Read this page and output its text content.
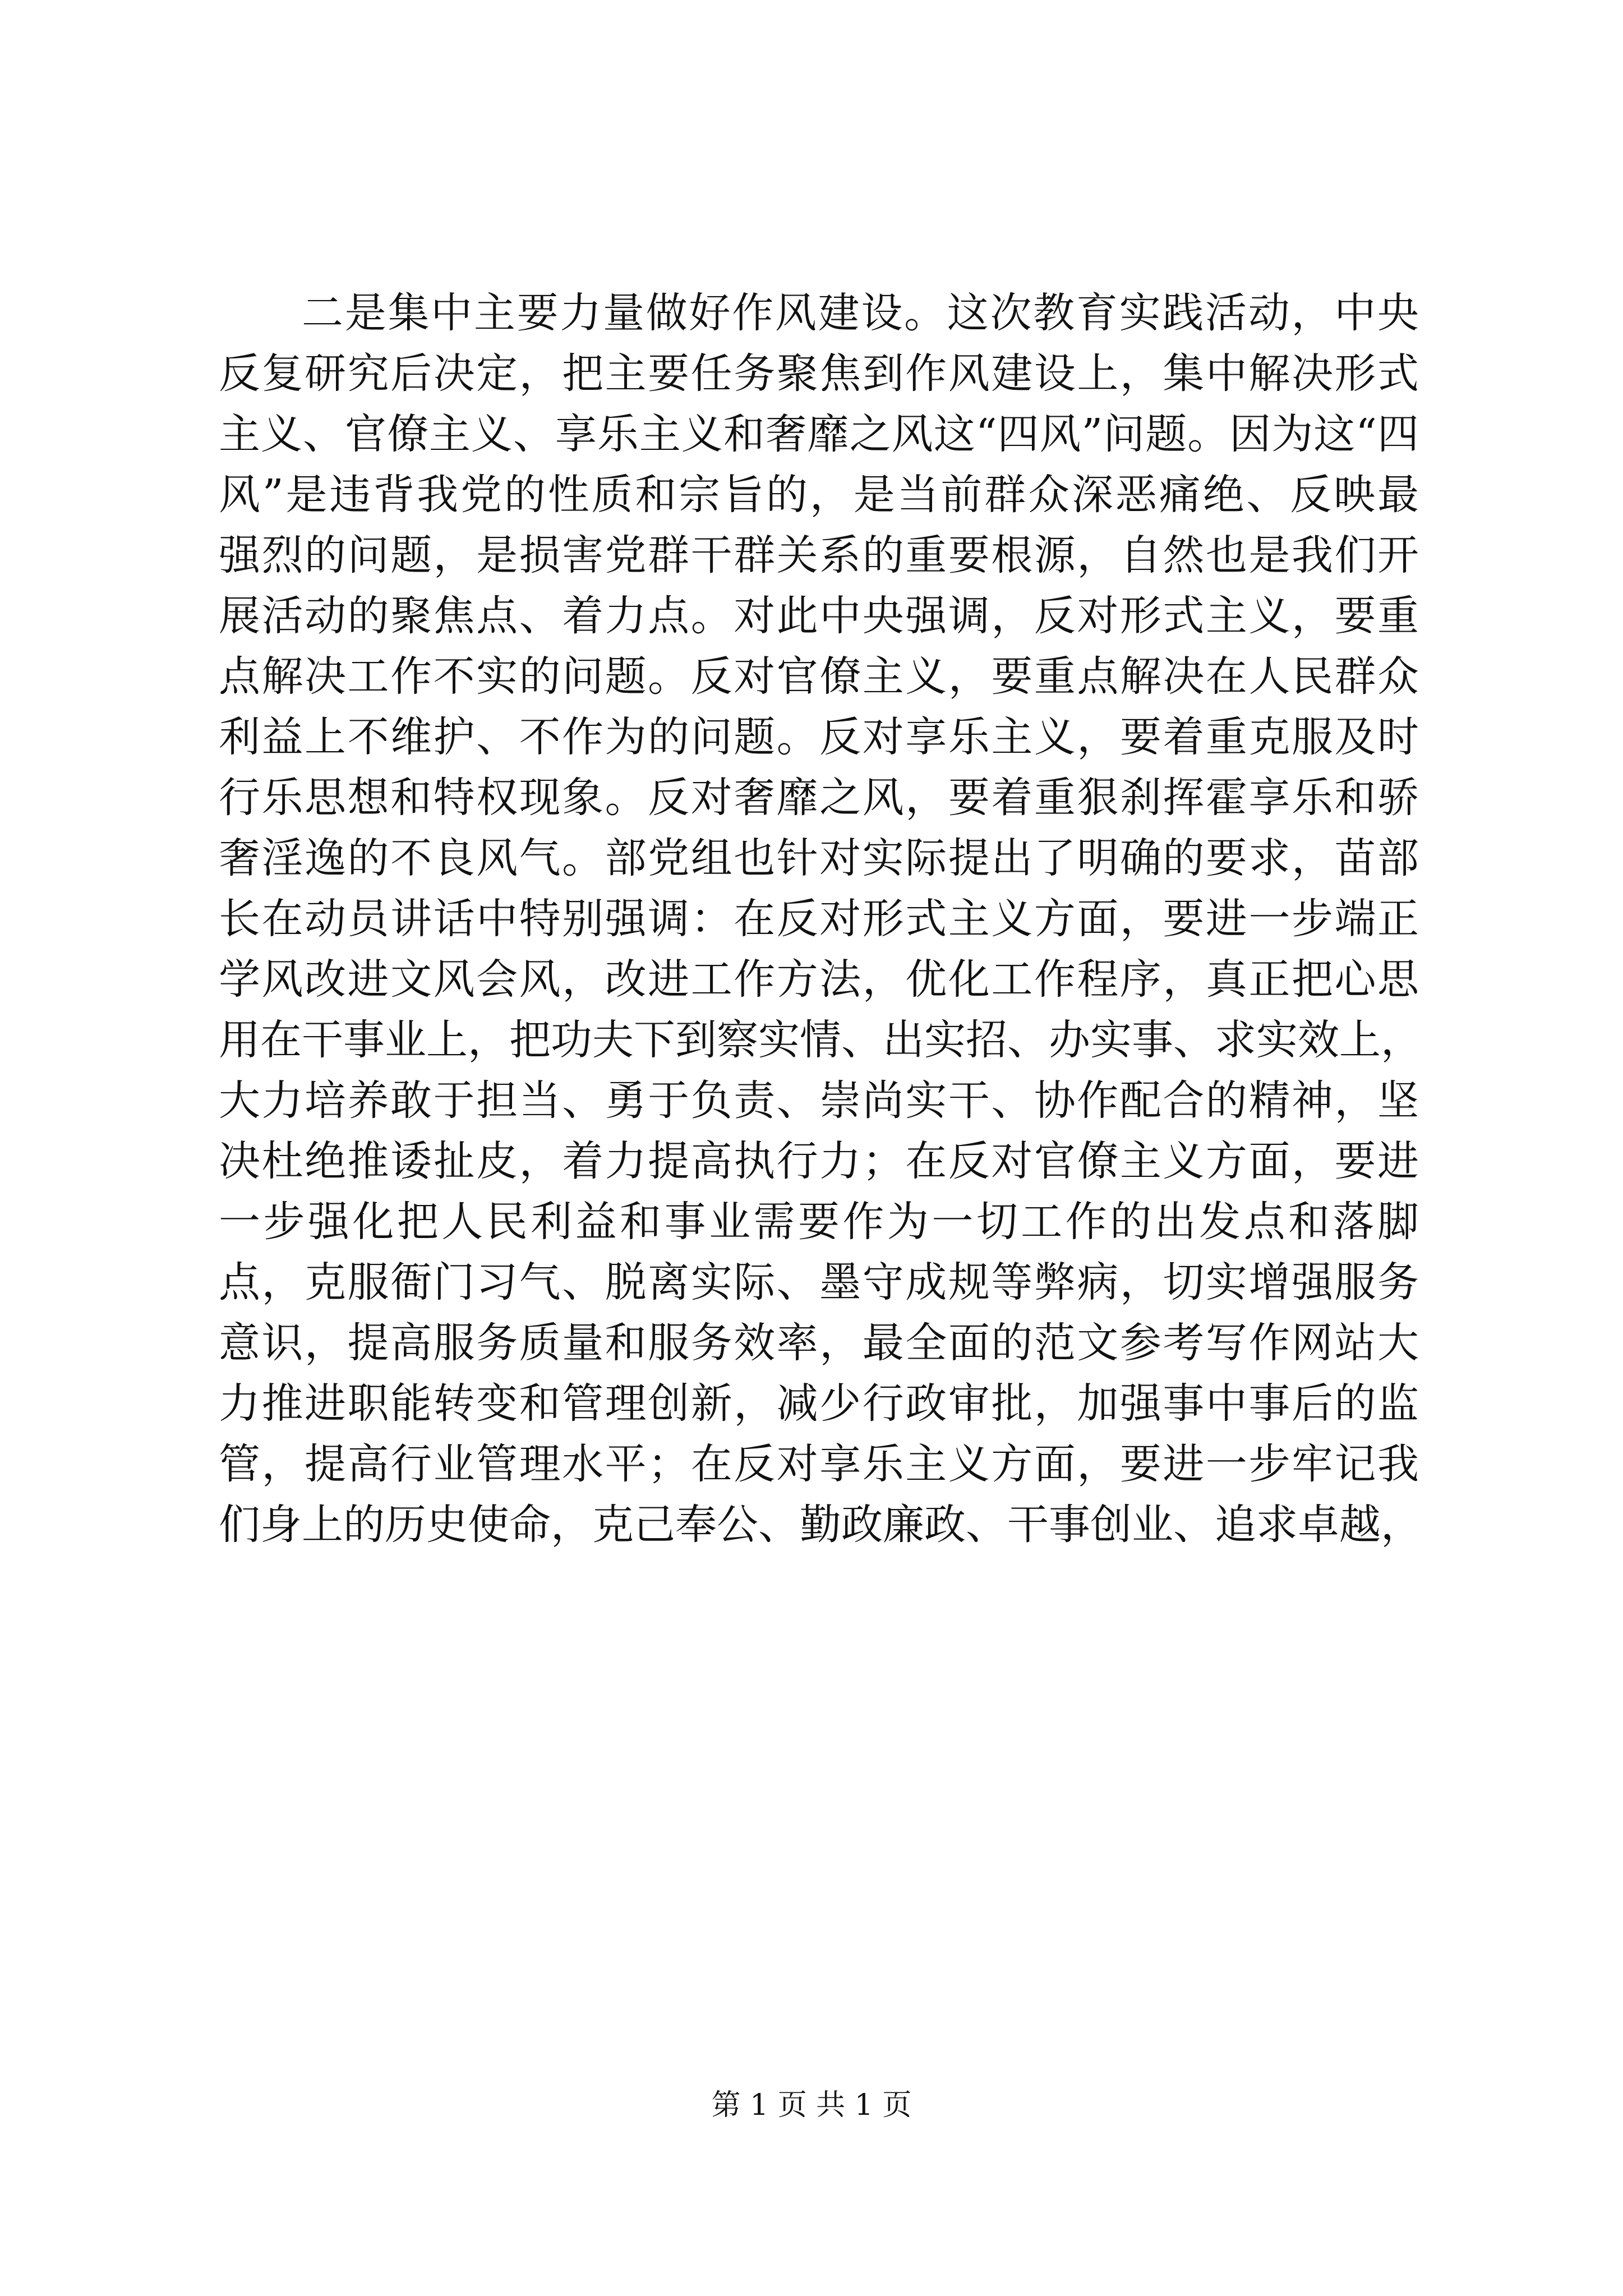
二是集中主要力量做好作风建设。这次教育实践活动，中央
反复研究后决定，把主要任务聚焦到作风建设上，集中解决形式
主义、官僚主义、享乐主义和奢靡之风这“四风”问题。因为这“四
风”是违背我党的性质和宗旨的，是当前群众深恶痛绝、反映最
强烈的问题，是损害党群干群关系的重要根源，自然也是我们开
展活动的聚焦点、着力点。对此中央强调，反对形式主义，要重
点解决工作不实的问题。反对官僚主义，要重点解决在人民群众
利益上不维护、不作为的问题。反对享乐主义，要着重克服及时
行乐思想和特权现象。反对奢靡之风，要着重狠刹挥霍享乐和骄
奢淫逸的不良风气。部党组也针对实际提出了明确的要求，苗部
长在动员讲话中特别强调：在反对形式主义方面，要进一步端正
学风改进文风会风，改进工作方法，优化工作程序，真正把心思
用在干事业上，把功夫下到察实情、出实招、办实事、求实效上，
大力培养敢于担当、勇于负责、崇尚实干、协作配合的精神，坚
决杜绝推诿扯皮，着力提高执行力；在反对官僚主义方面，要进
一步强化把人民利益和事业需要作为一切工作的出发点和落脚
点，克服衙门习气、脱离实际、墨守成规等弊病，切实增强服务
意识，提高服务质量和服务效率，最全面的范文参考写作网站大
力推进职能转变和管理创新，减少行政审批，加强事中事后的监
管，提高行业管理水平；在反对享乐主义方面，要进一步牢记我
们身上的历史使命，克己奉公、勤政廉政、干事创业、追求卓越，
第 1 页 共 1 页
